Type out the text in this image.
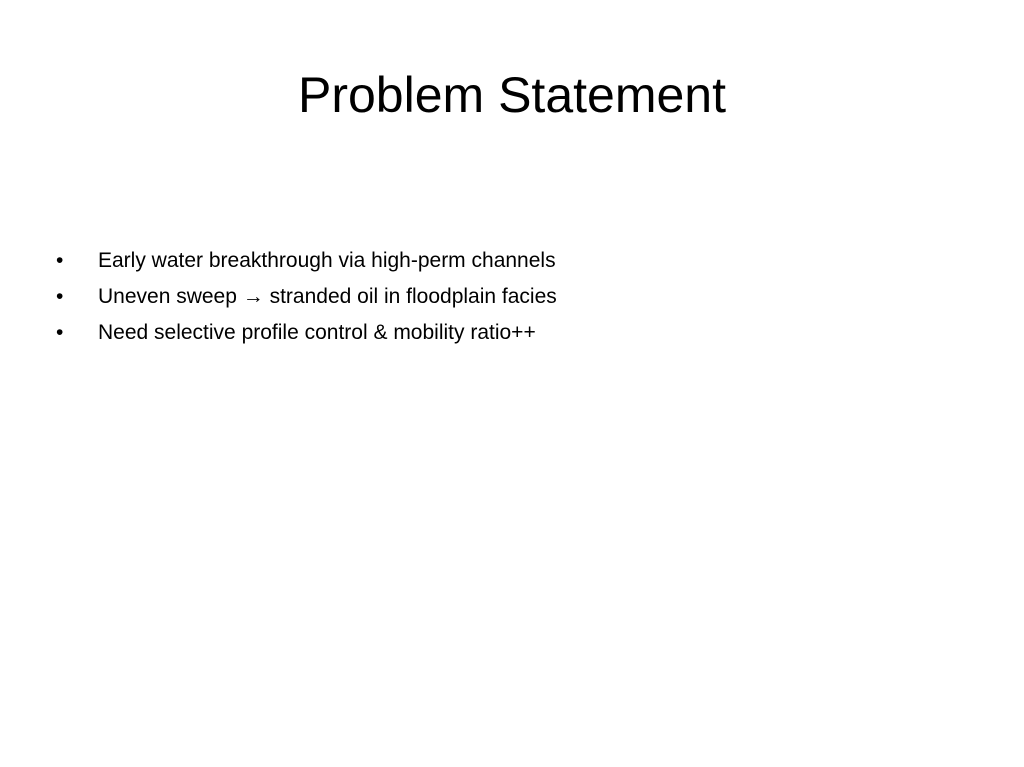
Problem Statement
•	Early water breakthrough via high-perm channels
•	Uneven sweep → stranded oil in floodplain facies
•	Need selective profile control & mobility ratio++
